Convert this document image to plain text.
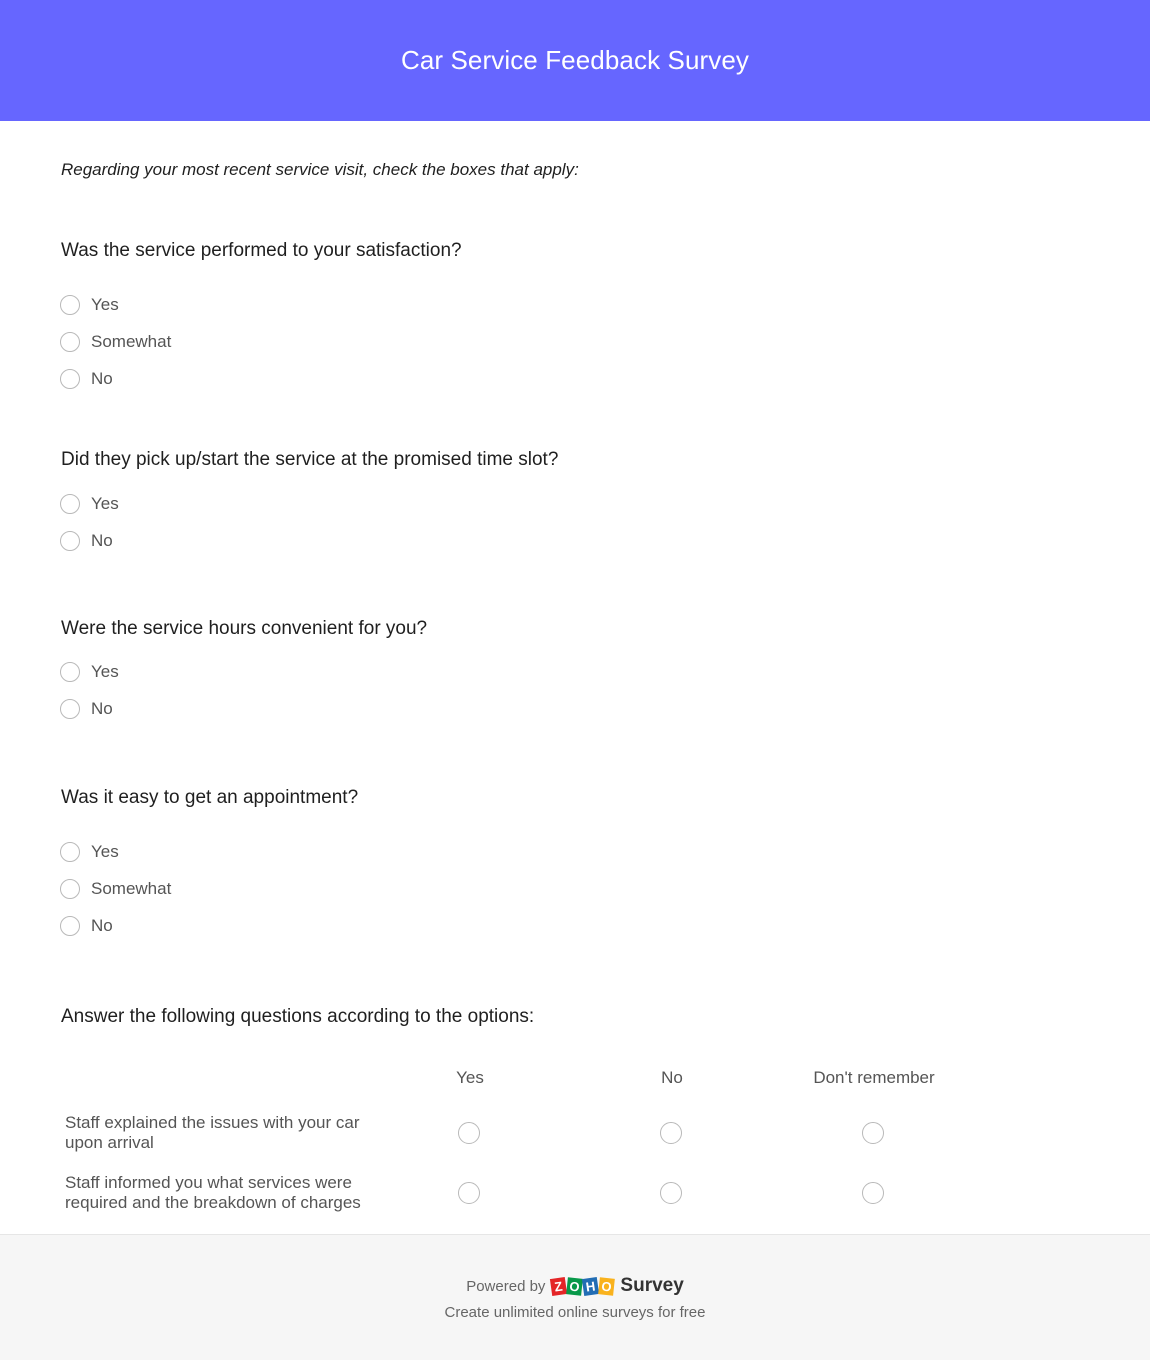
Car Service Feedback Survey
Regarding your most recent service visit, check the boxes that apply:
Was the service performed to your satisfaction?
Yes
Somewhat
No
Did they pick up/start the service at the promised time slot?
Yes
No
Were the service hours convenient for you?
Yes
No
Was it easy to get an appointment?
Yes
Somewhat
No
Answer the following questions according to the options:
Yes	No	Don't remember
Staff explained the issues with your car upon arrival
Staff informed you what services were required and the breakdown of charges
Powered by Z O H O Survey
Create unlimited online surveys for free
